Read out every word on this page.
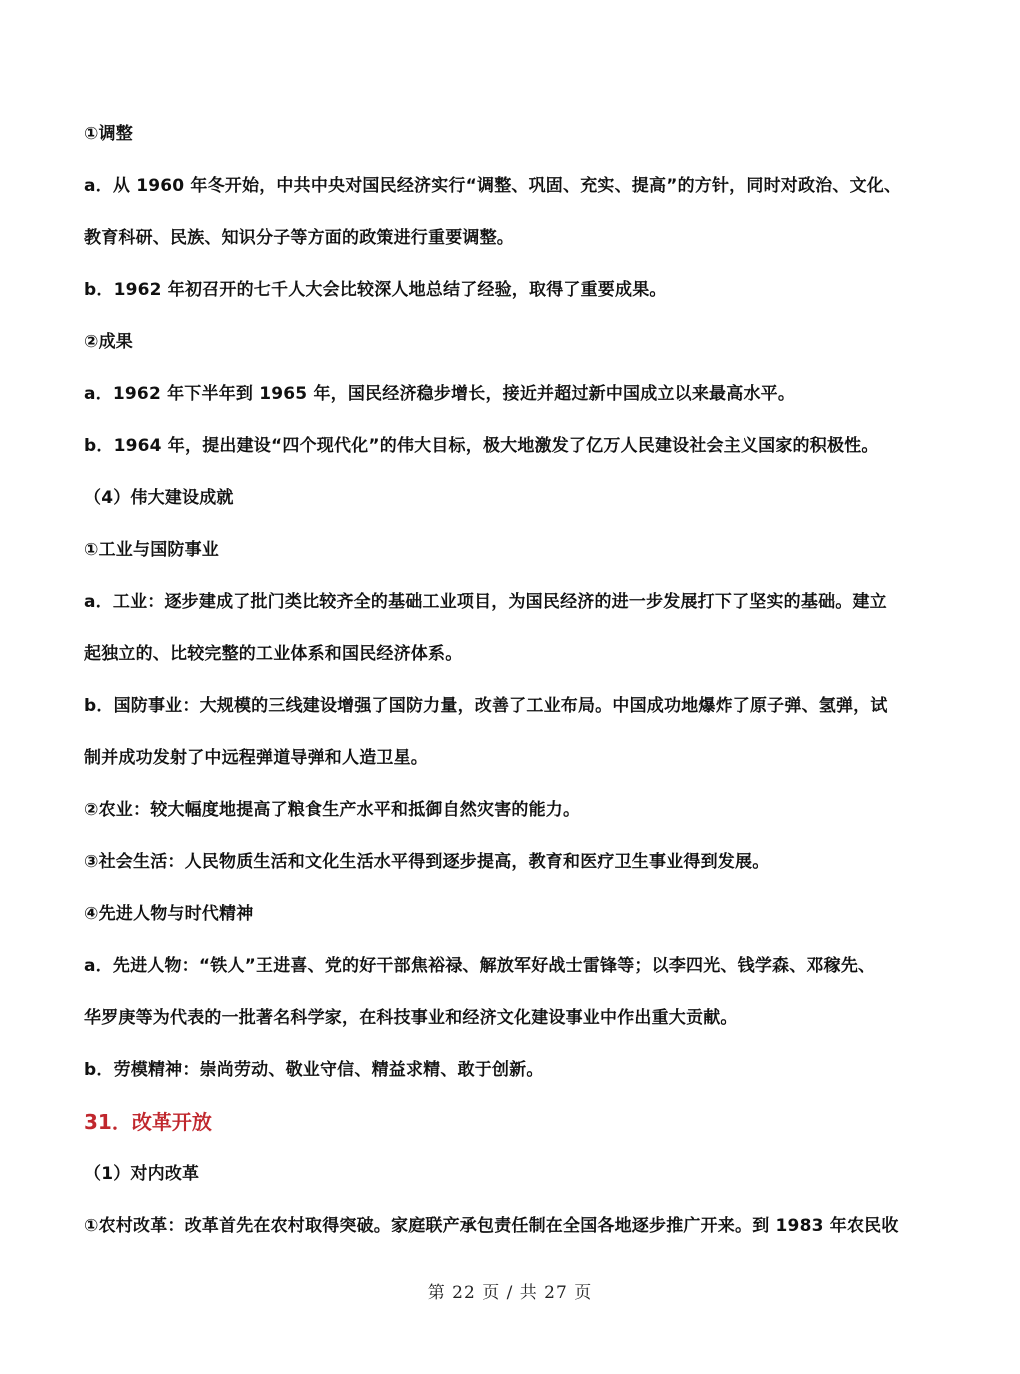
①调整
a．从 1960 年冬开始，中共中央对国民经济实行“调整、巩固、充实、提高”的方针，同时对政治、文化、
教育科研、民族、知识分子等方面的政策进行重要调整。
b．1962 年初召开的七千人大会比较深人地总结了经验，取得了重要成果。
②成果
a．1962 年下半年到 1965 年，国民经济稳步增长，接近并超过新中国成立以来最高水平。
b．1964 年，提出建设“四个现代化”的伟大目标，极大地激发了亿万人民建设社会主义国家的积极性。
（4）伟大建设成就
①工业与国防事业
a．工业：逐步建成了批门类比较齐全的基础工业项目，为国民经济的进一步发展打下了坚实的基础。建立
起独立的、比较完整的工业体系和国民经济体系。
b．国防事业：大规模的三线建设增强了国防力量，改善了工业布局。中国成功地爆炸了原子弹、氢弹，试
制并成功发射了中远程弹道导弹和人造卫星。
②农业：较大幅度地提高了粮食生产水平和抵御自然灾害的能力。
③社会生活：人民物质生活和文化生活水平得到逐步提高，教育和医疗卫生事业得到发展。
④先进人物与时代精神
a．先进人物：“铁人”王进喜、党的好干部焦裕禄、解放军好战士雷锋等；以李四光、钱学森、邓稼先、
华罗庚等为代表的一批著名科学家，在科技事业和经济文化建设事业中作出重大贡献。
b．劳模精神：崇尚劳动、敬业守信、精益求精、敢于创新。
31．改革开放
（1）对内改革
①农村改革：改革首先在农村取得突破。家庭联产承包责任制在全国各地逐步推广开来。到 1983 年农民收
第 22 页 / 共 27 页
